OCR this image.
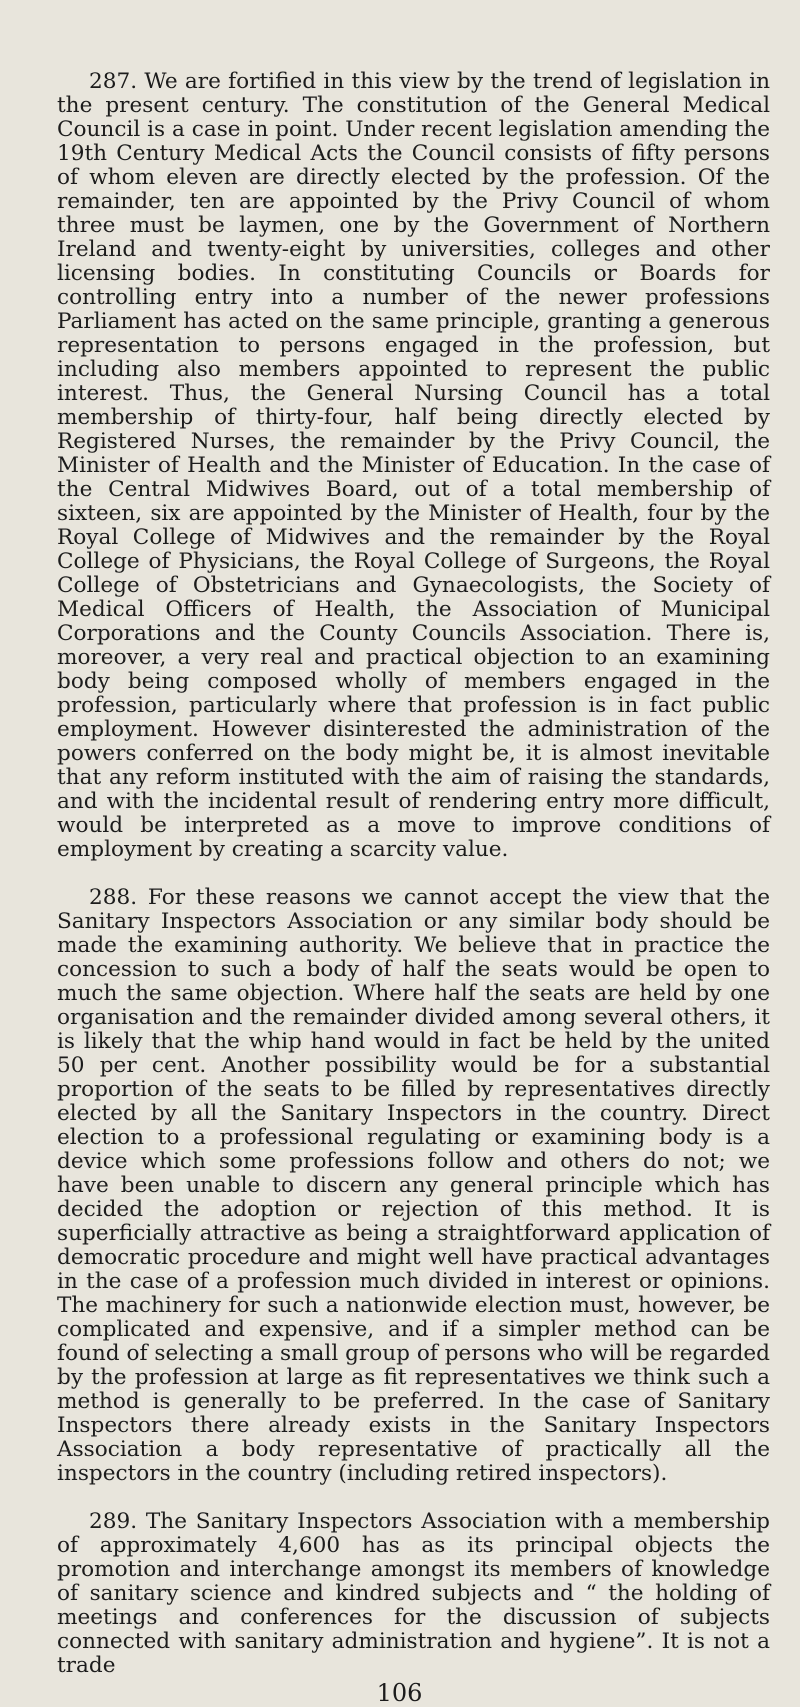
287. We are fortified in this view by the trend of legislation in the present century. The constitution of the General Medical Council is a case in point. Under recent legislation amending the 19th Century Medical Acts the Council consists of fifty persons of whom eleven are directly elected by the profession. Of the remainder, ten are appointed by the Privy Council of whom three must be laymen, one by the Government of Northern Ireland and twenty-eight by universities, colleges and other licensing bodies. In constituting Councils or Boards for controlling entry into a number of the newer professions Parliament has acted on the same principle, granting a generous representation to persons engaged in the profession, but including also members appointed to represent the public interest. Thus, the General Nursing Council has a total membership of thirty-four, half being directly elected by Registered Nurses, the remainder by the Privy Council, the Minister of Health and the Minister of Education. In the case of the Central Midwives Board, out of a total membership of sixteen, six are appointed by the Minister of Health, four by the Royal College of Midwives and the remainder by the Royal College of Physicians, the Royal College of Surgeons, the Royal College of Obstetricians and Gynaecologists, the Society of Medical Officers of Health, the Association of Municipal Corporations and the County Councils Association. There is, moreover, a very real and practical objection to an examining body being composed wholly of members engaged in the profession, particularly where that profession is in fact public employment. However disinterested the administration of the powers conferred on the body might be, it is almost inevitable that any reform instituted with the aim of raising the standards, and with the incidental result of rendering entry more difficult, would be interpreted as a move to improve conditions of employment by creating a scarcity value.

288. For these reasons we cannot accept the view that the Sanitary Inspectors Association or any similar body should be made the examining authority. We believe that in practice the concession to such a body of half the seats would be open to much the same objection. Where half the seats are held by one organisation and the remainder divided among several others, it is likely that the whip hand would in fact be held by the united 50 per cent. Another possibility would be for a substantial proportion of the seats to be filled by representatives directly elected by all the Sanitary Inspectors in the country. Direct election to a professional regulating or examining body is a device which some professions follow and others do not; we have been unable to discern any general principle which has decided the adoption or rejection of this method. It is superficially attractive as being a straightforward application of democratic procedure and might well have practical advantages in the case of a profession much divided in interest or opinions. The machinery for such a nationwide election must, however, be complicated and expensive, and if a simpler method can be found of selecting a small group of persons who will be regarded by the profession at large as fit representatives we think such a method is generally to be preferred. In the case of Sanitary Inspectors there already exists in the Sanitary Inspectors Association a body representative of practically all the inspectors in the country (including retired inspectors).

289. The Sanitary Inspectors Association with a membership of approximately 4,600 has as its principal objects the promotion and interchange amongst its members of knowledge of sanitary science and kindred subjects and “ the holding of meetings and conferences for the discussion of subjects connected with sanitary administration and hygiene”. It is not a trade

106
